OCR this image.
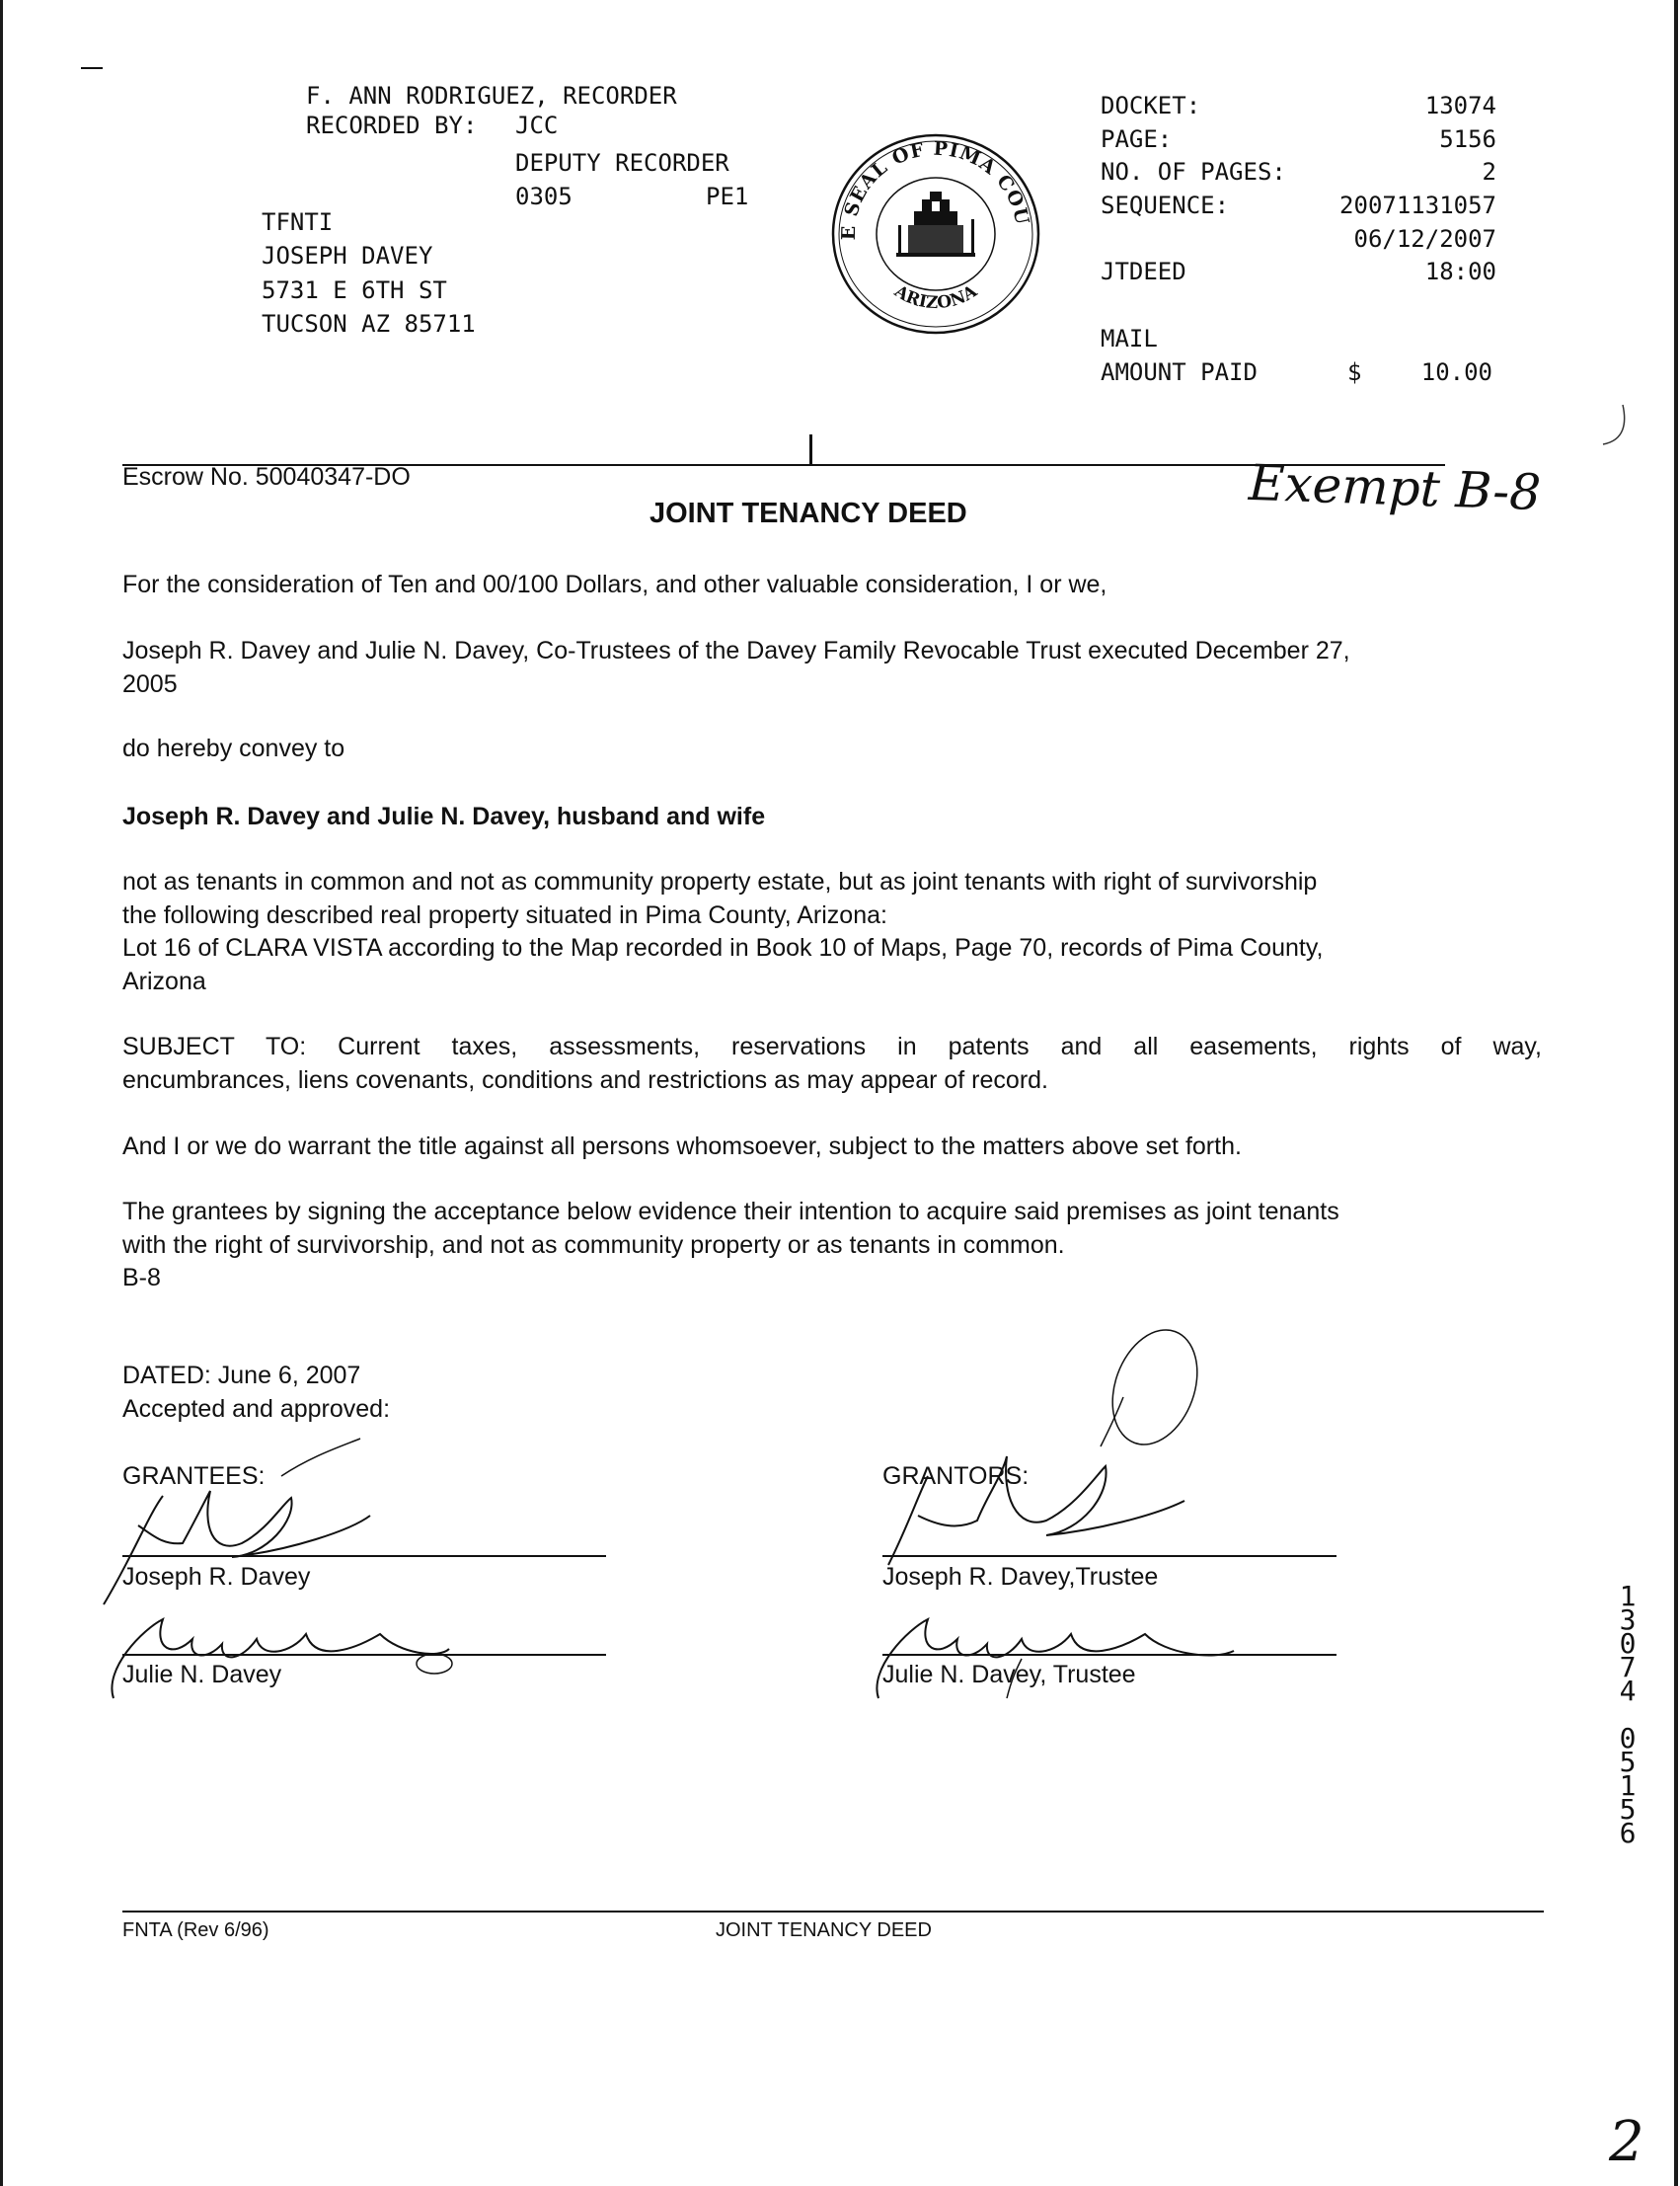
F. ANN RODRIGUEZ, RECORDER
RECORDED BY: JCC
DEPUTY RECORDER
0305	PE1
TFNTI
JOSEPH DAVEY
5731 E 6TH ST
TUCSON AZ 85711
E SEAL OF PIMA COU
ARIZONA
DOCKET:	13074
PAGE:	5156
NO. OF PAGES:	2
SEQUENCE:	20071131057
06/12/2007
JTDEED	18:00
MAIL
AMOUNT PAID	$	10.00
Escrow No. 50040347-DO	Exempt B-8
JOINT TENANCY DEED
For the consideration of Ten and 00/100 Dollars, and other valuable consideration, I or we,
Joseph R. Davey and Julie N. Davey, Co-Trustees of the Davey Family Revocable Trust executed December 27,
2005
do hereby convey to
Joseph R. Davey and Julie N. Davey, husband and wife
not as tenants in common and not as community property estate, but as joint tenants with right of survivorship
the following described real property situated in Pima County, Arizona:
Lot 16 of CLARA VISTA according to the Map recorded in Book 10 of Maps, Page 70, records of Pima County,
Arizona
SUBJECT TO: Current taxes, assessments, reservations in patents and all easements, rights of way,
encumbrances, liens covenants, conditions and restrictions as may appear of record.
And I or we do warrant the title against all persons whomsoever, subject to the matters above set forth.
The grantees by signing the acceptance below evidence their intention to acquire said premises as joint tenants
with the right of survivorship, and not as community property or as tenants in common.
B-8
DATED: June 6, 2007
Accepted and approved:
GRANTEES:
Joseph R. Davey
Julie N. Davey
GRANTORS:
Joseph R. Davey,Trustee
Julie N. Davey, Trustee
1
3
0
7
4
0
5
1
5
6
FNTA (Rev 6/96)	JOINT TENANCY DEED
2
